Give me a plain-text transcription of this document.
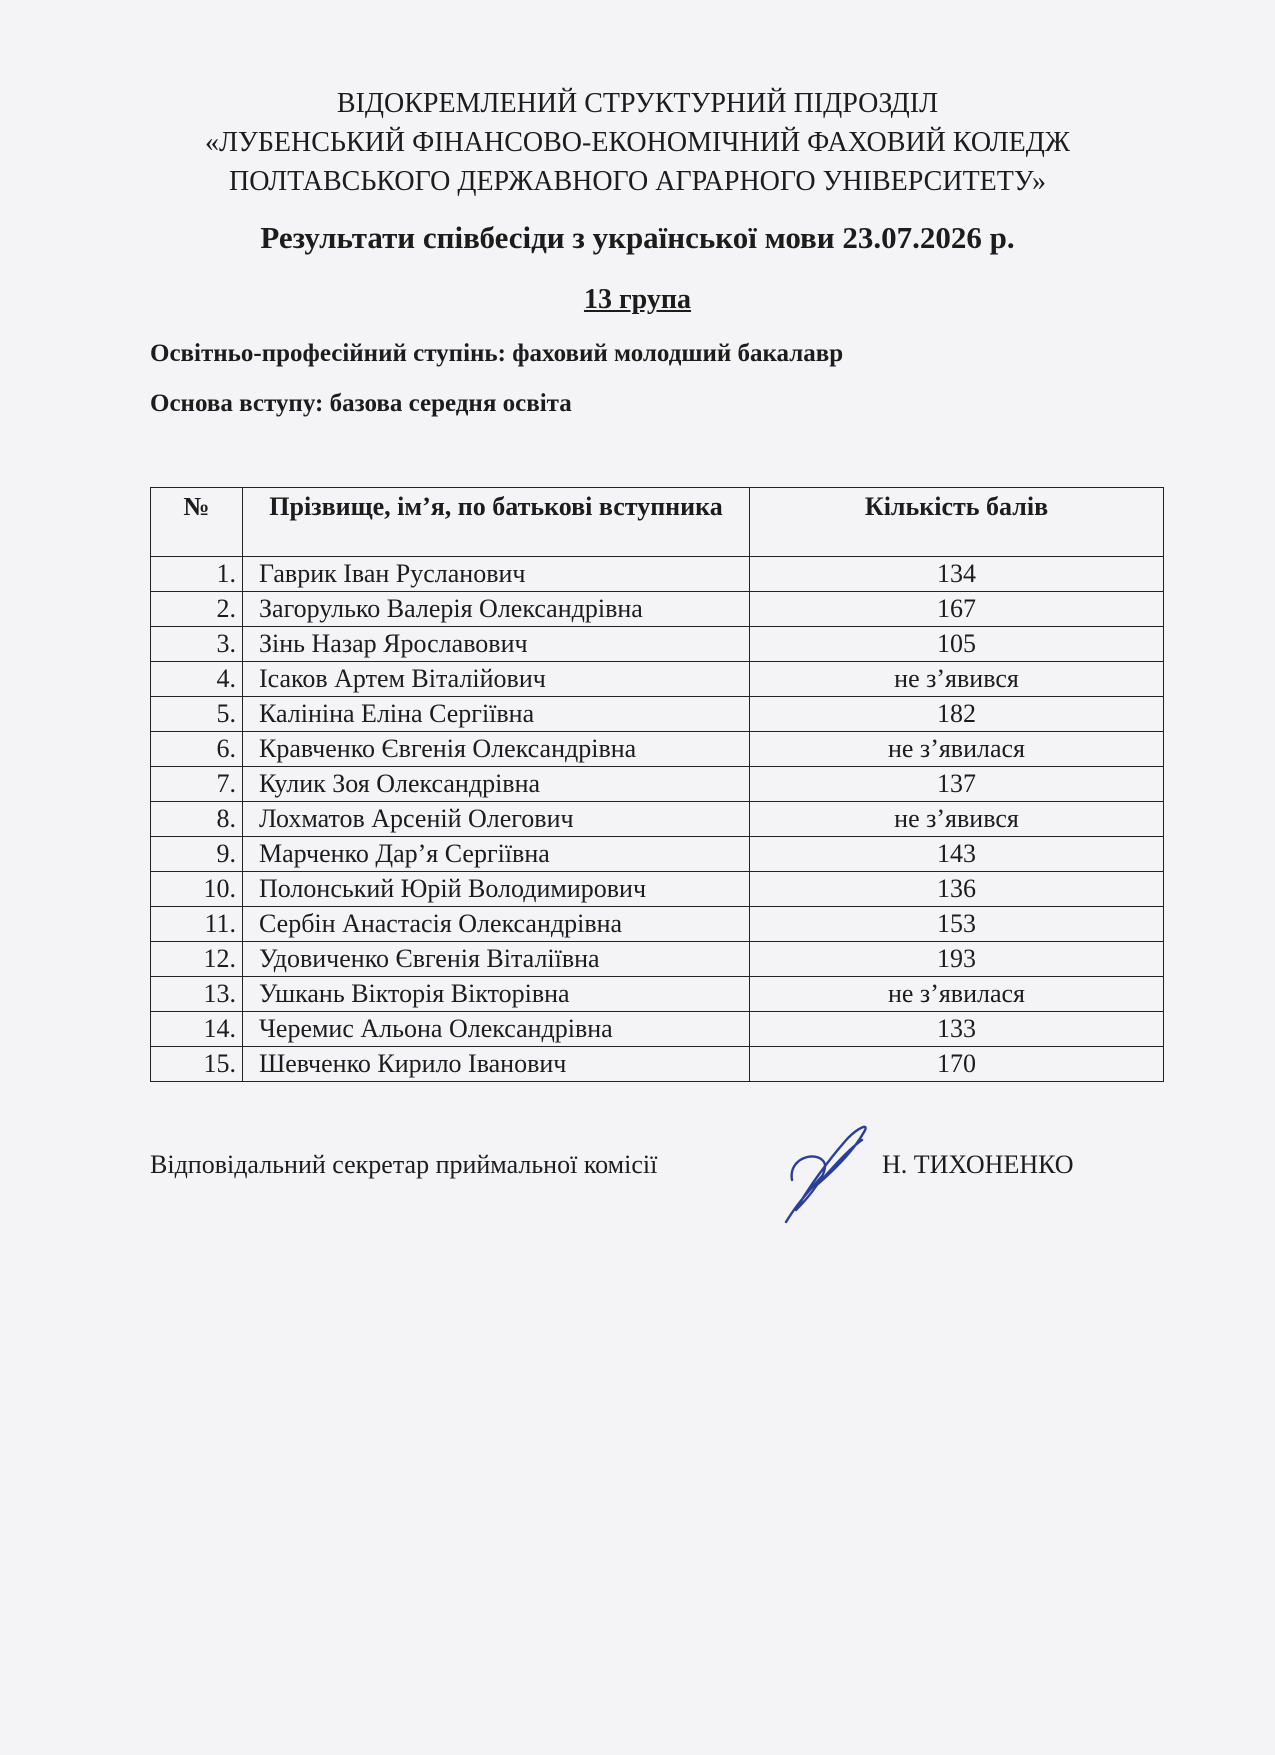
ВІДОКРЕМЛЕНИЙ СТРУКТУРНИЙ ПІДРОЗДІЛ
«ЛУБЕНСЬКИЙ ФІНАНСОВО-ЕКОНОМІЧНИЙ ФАХОВИЙ КОЛЕДЖ
ПОЛТАВСЬКОГО ДЕРЖАВНОГО АГРАРНОГО УНІВЕРСИТЕТУ»
Результати співбесіди з української мови 23.07.2026 р.
13 група
Освітньо-професійний ступінь: фаховий молодший бакалавр
Основа вступу: базова середня освіта
№	Прізвище, ім’я, по батькові вступника	Кількість балів
1.	Гаврик Іван Русланович	134
2.	Загорулько Валерія Олександрівна	167
3.	Зінь Назар Ярославович	105
4.	Ісаков Артем Віталійович	не з’явився
5.	Калініна Еліна Сергіївна	182
6.	Кравченко Євгенія Олександрівна	не з’явилася
7.	Кулик Зоя Олександрівна	137
8.	Лохматов Арсеній Олегович	не з’явився
9.	Марченко Дар’я Сергіївна	143
10.	Полонський Юрій Володимирович	136
11.	Сербін Анастасія Олександрівна	153
12.	Удовиченко Євгенія Віталіївна	193
13.	Ушкань Вікторія Вікторівна	не з’явилася
14.	Черемис Альона Олександрівна	133
15.	Шевченко Кирило Іванович	170
Відповідальний секретар приймальної комісії	Н. ТИХОНЕНКО
